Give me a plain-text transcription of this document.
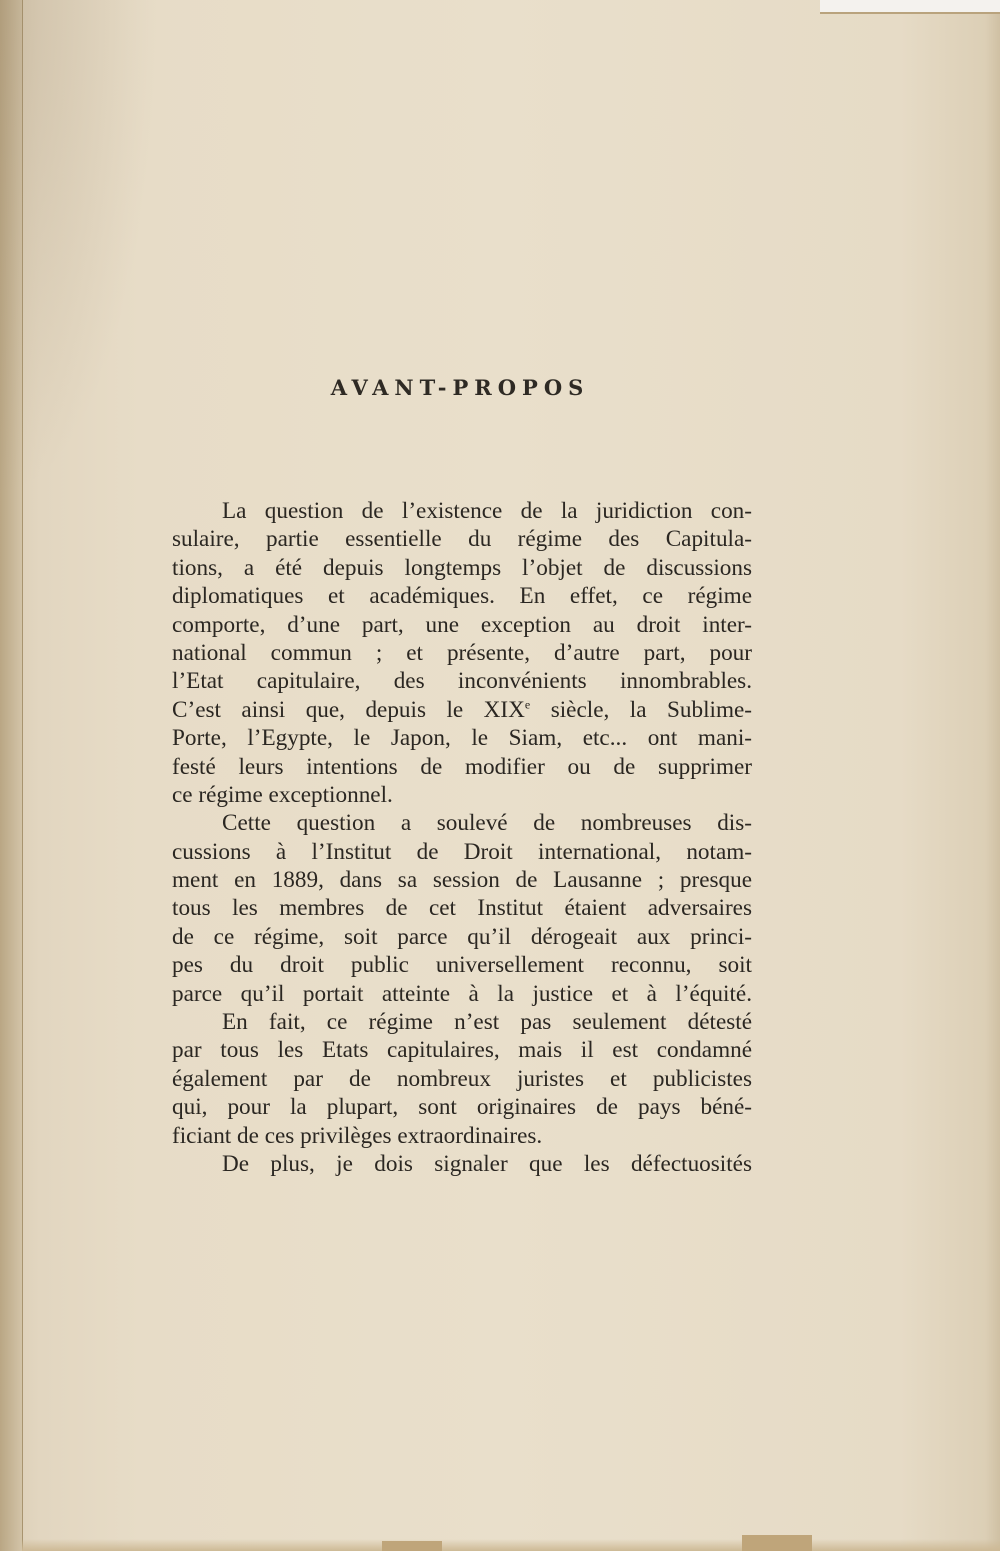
AVANT-PROPOS
La question de l’existence de la juridiction con-
sulaire, partie essentielle du régime des Capitula-
tions, a été depuis longtemps l’objet de discussions
diplomatiques et académiques. En effet, ce régime
comporte, d’une part, une exception au droit inter-
national commun ; et présente, d’autre part, pour
l’Etat capitulaire, des inconvénients innombrables.
C’est ainsi que, depuis le XIXe siècle, la Sublime-
Porte, l’Egypte, le Japon, le Siam, etc... ont mani-
festé leurs intentions de modifier ou de supprimer
ce régime exceptionnel.
Cette question a soulevé de nombreuses dis-
cussions à l’Institut de Droit international, notam-
ment en 1889, dans sa session de Lausanne ; presque
tous les membres de cet Institut étaient adversaires
de ce régime, soit parce qu’il dérogeait aux princi-
pes du droit public universellement reconnu, soit
parce qu’il portait atteinte à la justice et à l’équité.
En fait, ce régime n’est pas seulement détesté
par tous les Etats capitulaires, mais il est condamné
également par de nombreux juristes et publicistes
qui, pour la plupart, sont originaires de pays béné-
ficiant de ces privilèges extraordinaires.
De plus, je dois signaler que les défectuosités
